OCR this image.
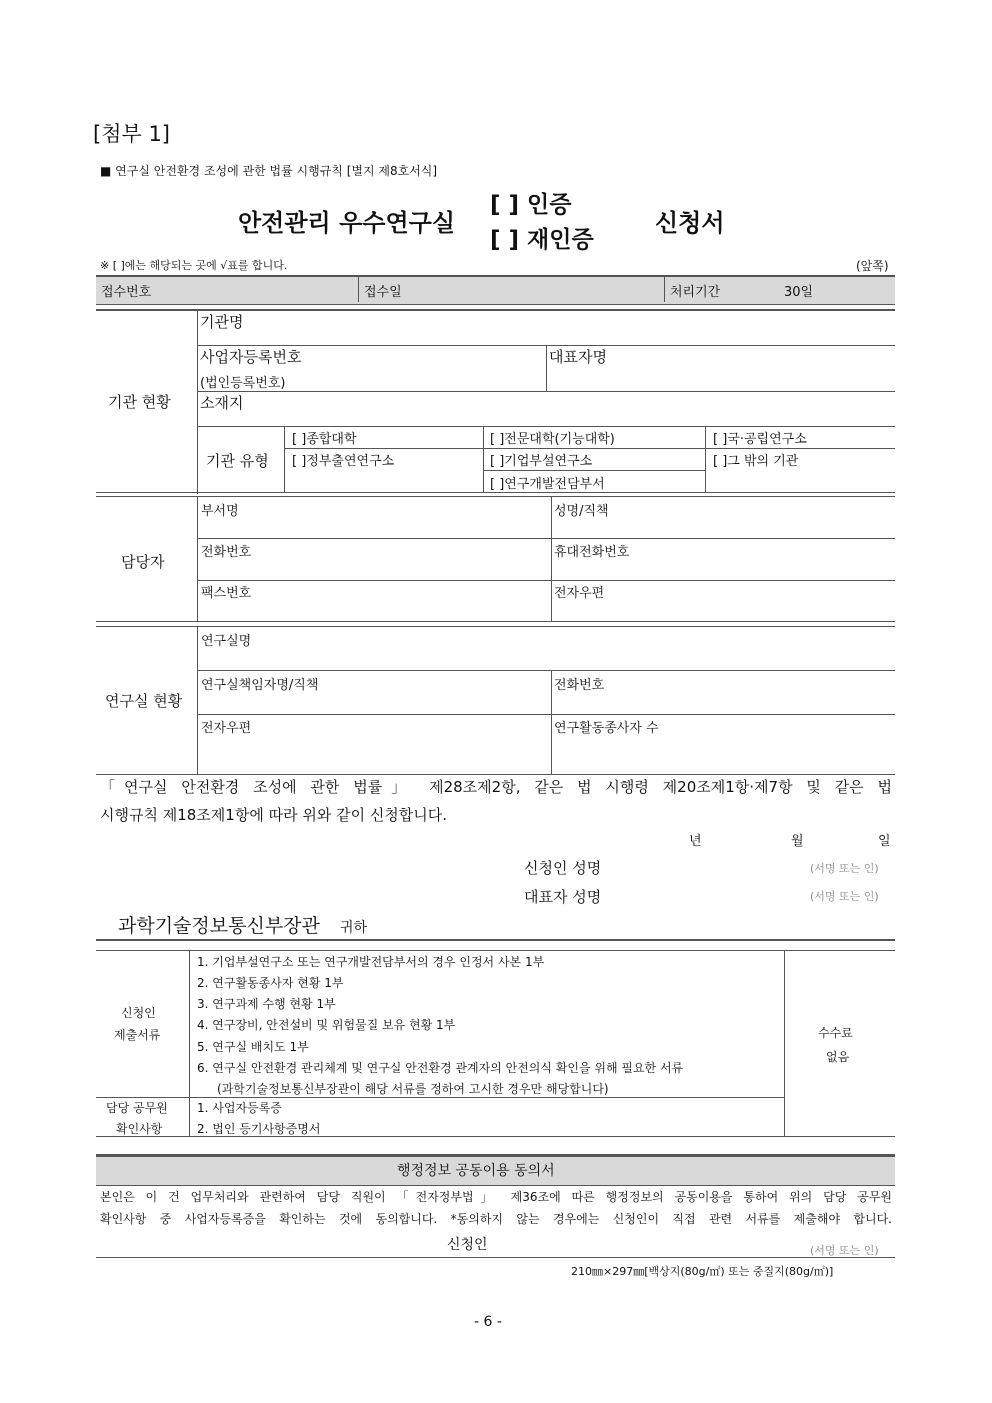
[첨부 1]
■ 연구실 안전환경 조성에 관한 법률 시행규칙 [별지 제8호서식]
안전관리 우수연구실
[ ] 인증
[ ] 재인증
신청서
※ [ ]에는 해당되는 곳에 √표를 합니다.	(앞쪽)
접수번호	접수일	처리기간	30일
기관 현황
기관명
사업자등록번호
(법인등록번호)
대표자명
소재지
기관 유형
[ ]종합대학	[ ]전문대학(기능대학)	[ ]국·공립연구소
[ ]정부출연연구소	[ ]기업부설연구소	[ ]그 밖의 기관
[ ]연구개발전담부서
담당자
부서명	성명/직책
전화번호	휴대전화번호
팩스번호	전자우편
연구실 현황
연구실명
연구실책임자명/직책	전화번호
전자우편	연구활동종사자 수
「연구실 안전환경 조성에 관한 법률」 제28조제2항, 같은 법 시행령 제20조제1항·제7항 및 같은 법
시행규칙 제18조제1항에 따라 위와 같이 신청합니다.
년	월	일
신청인 성명	(서명 또는 인)
대표자 성명	(서명 또는 인)
과학기술정보통신부장관 귀하
신청인
제출서류
1. 기업부설연구소 또는 연구개발전담부서의 경우 인정서 사본 1부
2. 연구활동종사자 현황 1부
3. 연구과제 수행 현황 1부
4. 연구장비, 안전설비 및 위험물질 보유 현황 1부
5. 연구실 배치도 1부
6. 연구실 안전환경 관리체계 및 연구실 안전환경 관계자의 안전의식 확인을 위해 필요한 서류
(과학기술정보통신부장관이 해당 서류를 정하여 고시한 경우만 해당합니다)
수수료
없음
담당 공무원
확인사항
1. 사업자등록증
2. 법인 등기사항증명서
행정정보 공동이용 동의서
본인은 이 건 업무처리와 관련하여 담당 직원이 「전자정부법」 제36조에 따른 행정정보의 공동이용을 통하여 위의 담당 공무원
확인사항 중 사업자등록증을 확인하는 것에 동의합니다. *동의하지 않는 경우에는 신청인이 직접 관련 서류를 제출해야 합니다.
신청인	(서명 또는 인)
210㎜×297㎜[백상지(80g/㎡) 또는 중질지(80g/㎡)]
- 6 -
